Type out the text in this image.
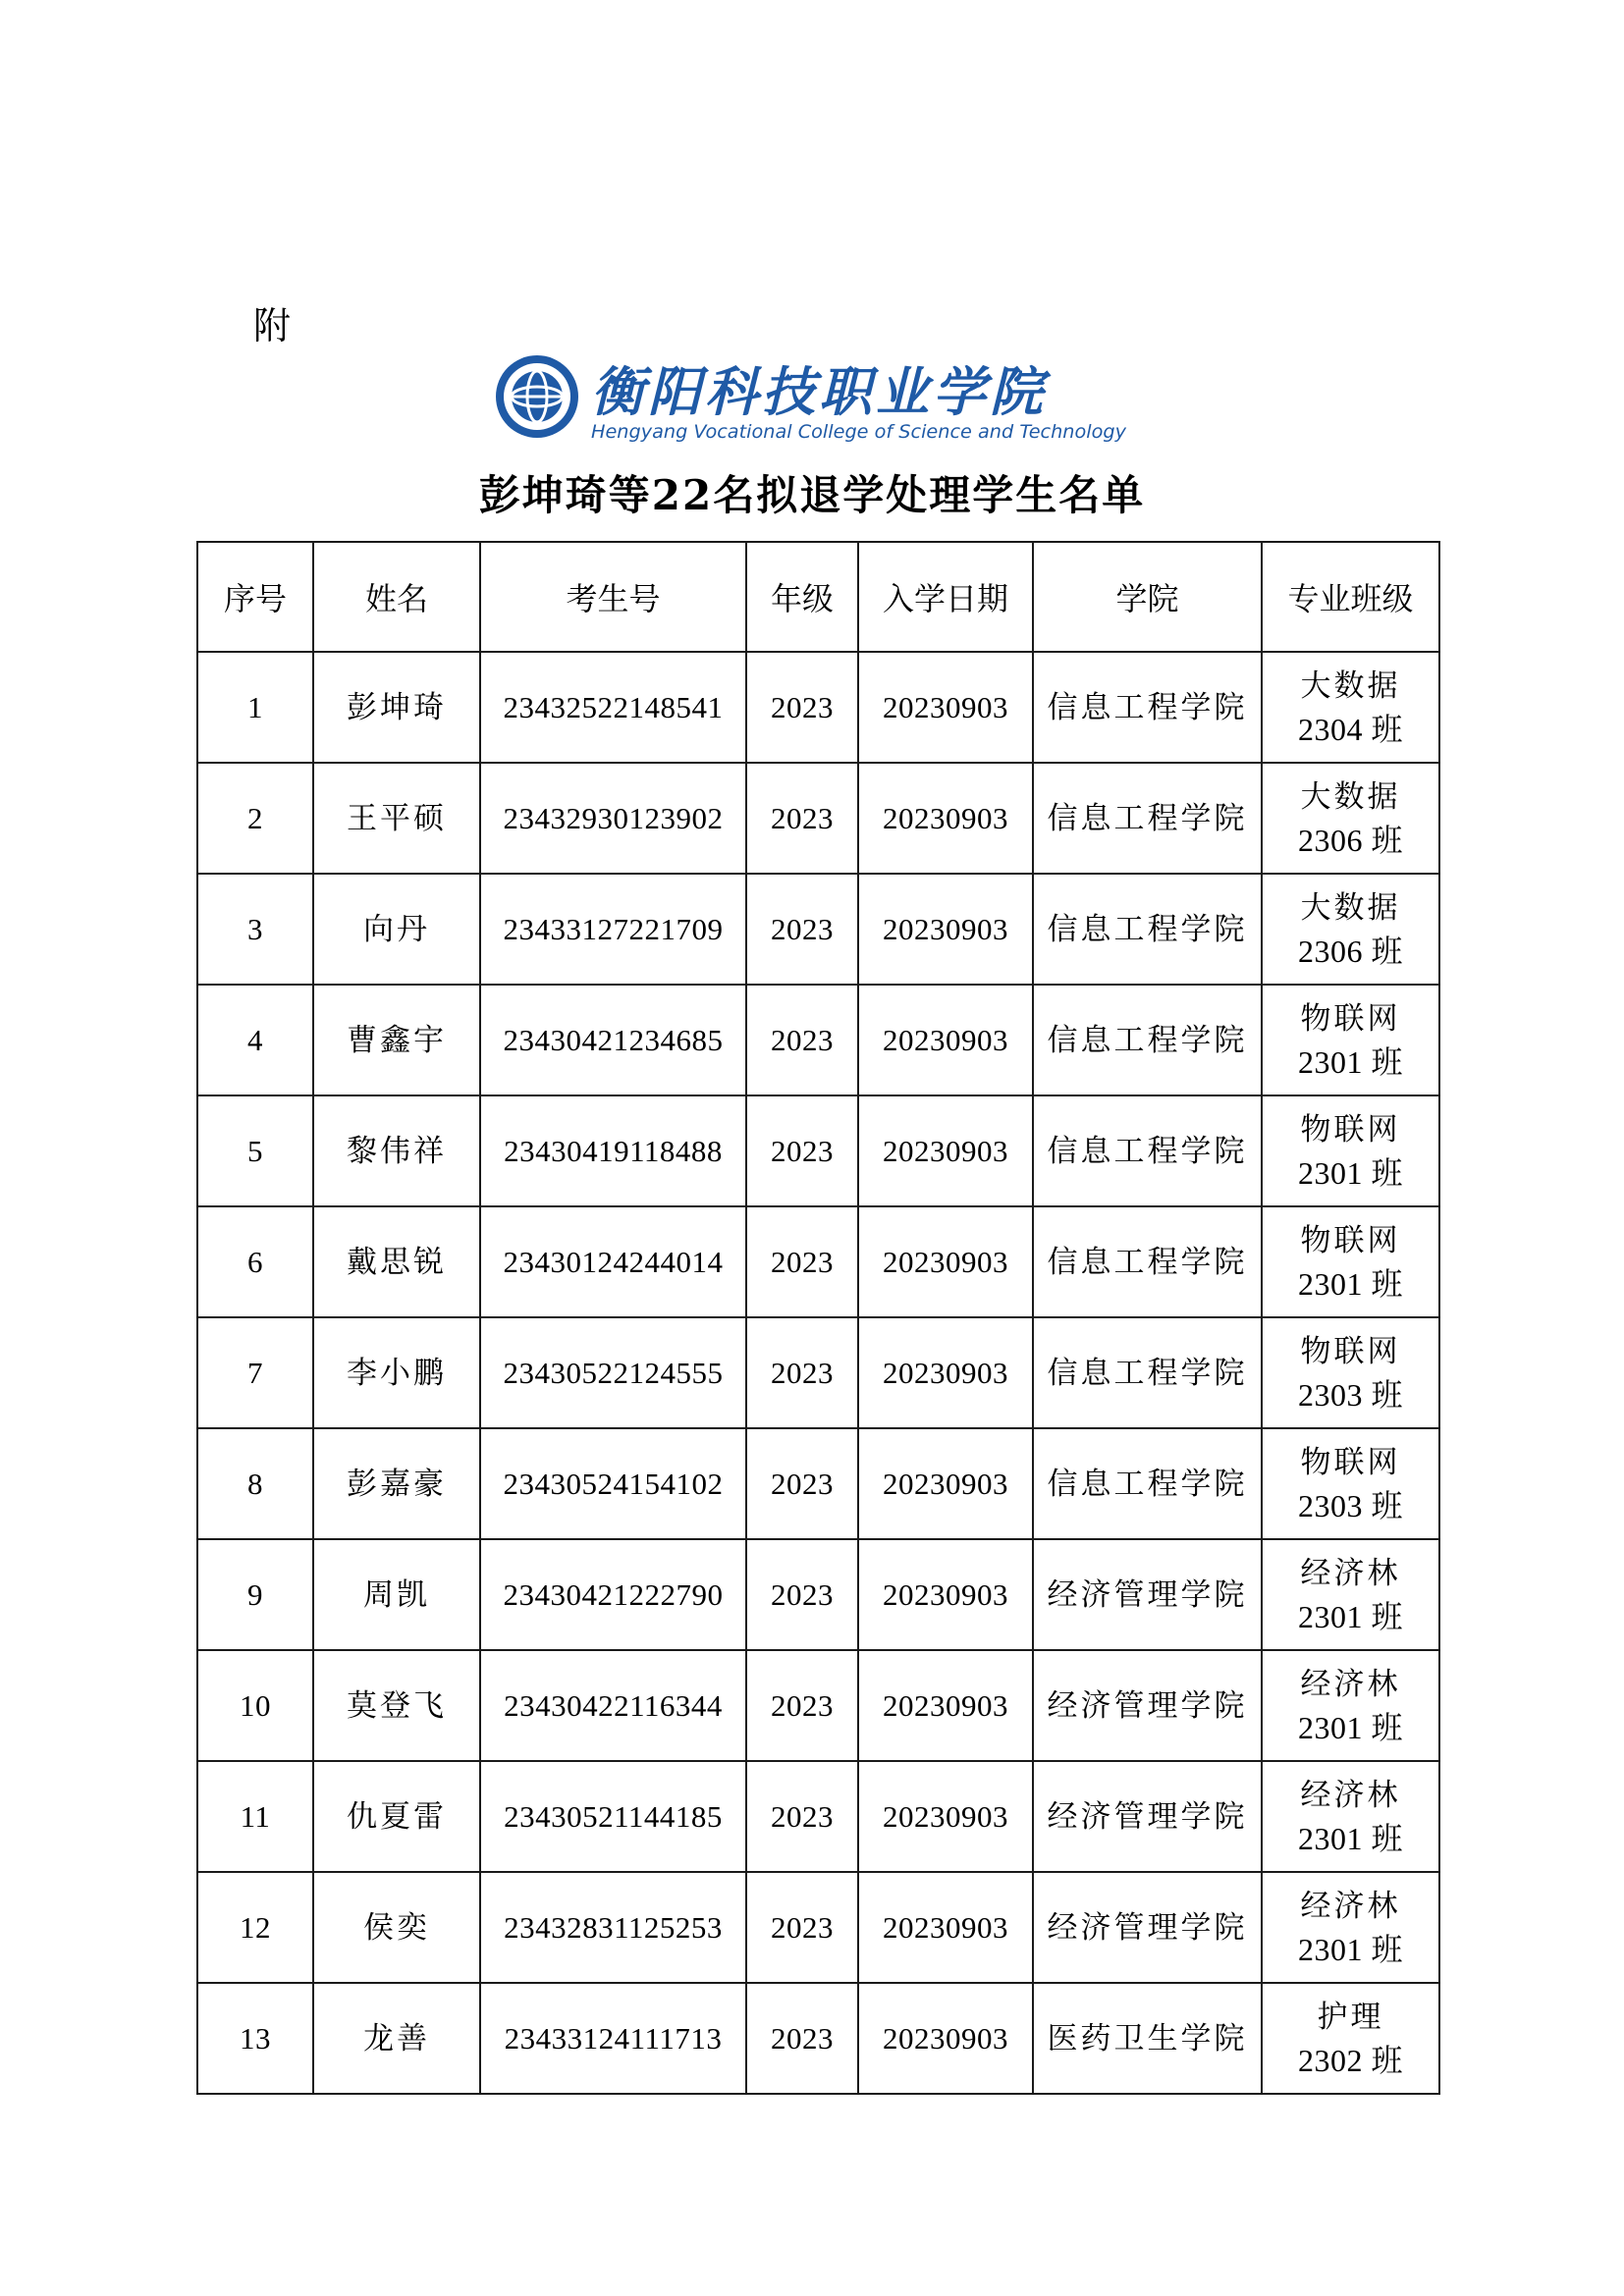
附
衡阳科技职业学院
Hengyang Vocational College of Science and Technology
彭坤琦等22名拟退学处理学生名单
序号	姓名	考生号	年级	入学日期	学院	专业班级
1	彭坤琦	23432522148541	2023	20230903	信息工程学院	大数据
2304 班

2	王平硕	23432930123902	2023	20230903	信息工程学院	大数据
2306 班

3	向丹	23433127221709	2023	20230903	信息工程学院	大数据
2306 班

4	曹鑫宇	23430421234685	2023	20230903	信息工程学院	物联网
2301 班

5	黎伟祥	23430419118488	2023	20230903	信息工程学院	物联网
2301 班

6	戴思锐	23430124244014	2023	20230903	信息工程学院	物联网
2301 班

7	李小鹏	23430522124555	2023	20230903	信息工程学院	物联网
2303 班

8	彭嘉豪	23430524154102	2023	20230903	信息工程学院	物联网
2303 班

9	周凯	23430421222790	2023	20230903	经济管理学院	经济林
2301 班

10	莫登飞	23430422116344	2023	20230903	经济管理学院	经济林
2301 班

11	仇夏雷	23430521144185	2023	20230903	经济管理学院	经济林
2301 班

12	侯奕	23432831125253	2023	20230903	经济管理学院	经济林
2301 班

13	龙善	23433124111713	2023	20230903	医药卫生学院	护理
2302 班
